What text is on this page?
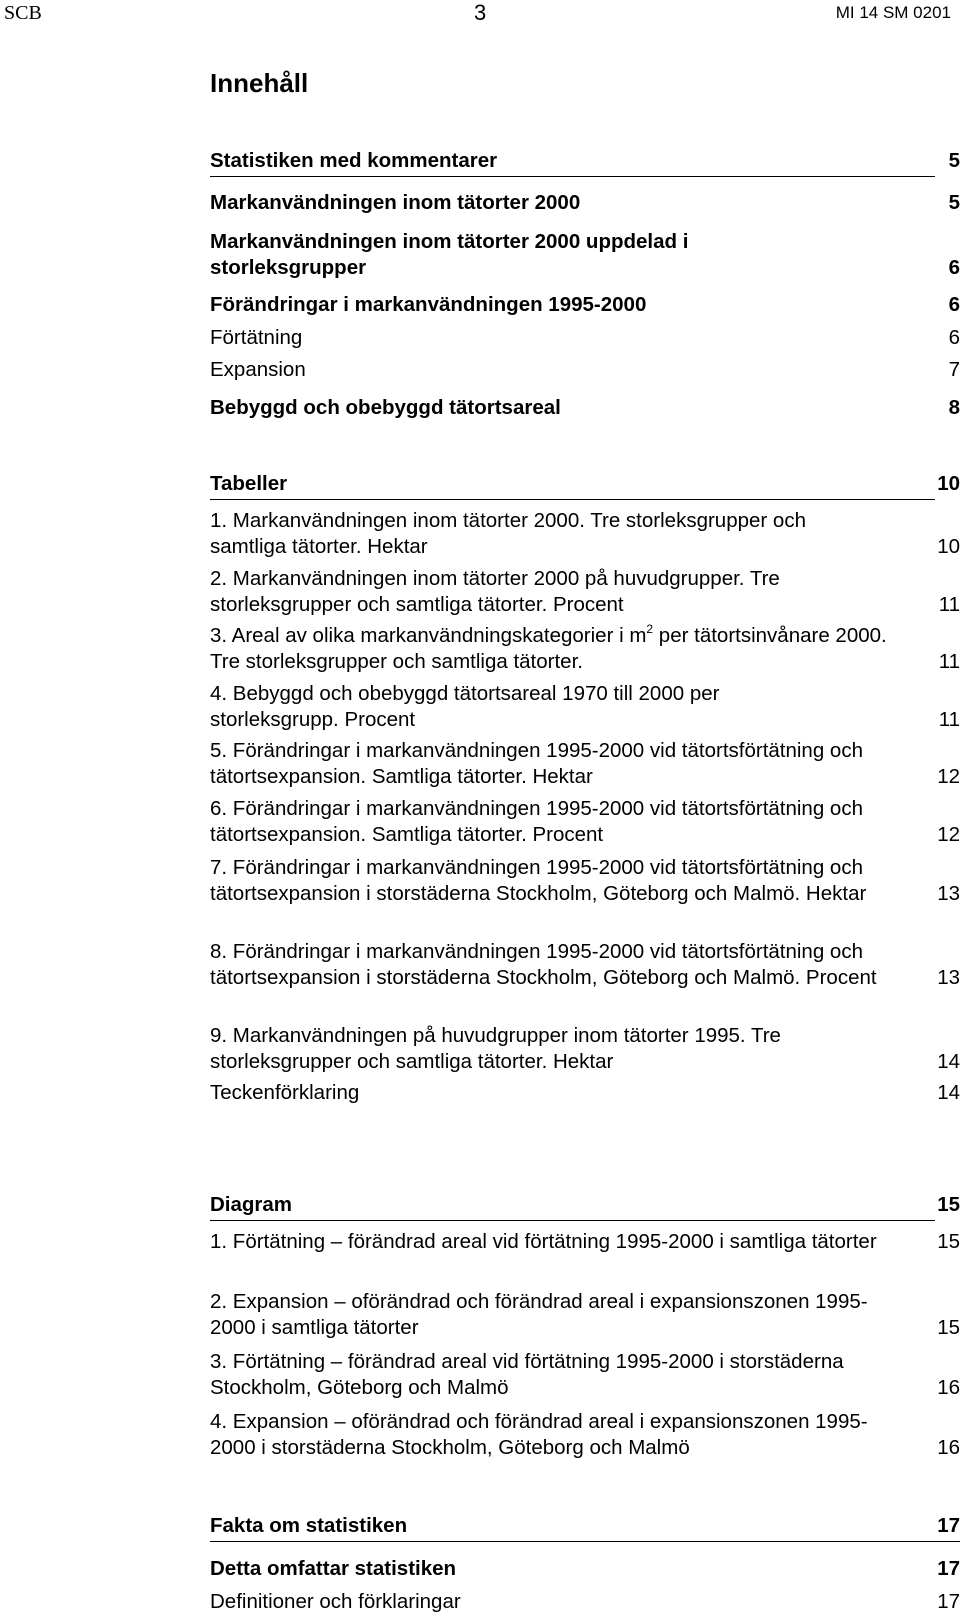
SCB	3	MI 14 SM 0201
Innehåll
Statistiken med kommentarer	5
Markanvändningen inom tätorter 2000	5
Markanvändningen inom tätorter 2000 uppdelad i storleksgrupper	6
Förändringar i markanvändningen 1995-2000	6
Förtätning	6
Expansion	7
Bebyggd och obebyggd tätortsareal	8
Tabeller	10
1. Markanvändningen inom tätorter 2000. Tre storleksgrupper och samtliga tätorter. Hektar	10
2. Markanvändningen inom tätorter 2000 på huvudgrupper. Tre storleksgrupper och samtliga tätorter. Procent	11
3. Areal av olika markanvändningskategorier i $m^2$ per tätortsinvånare 2000. Tre storleksgrupper och samtliga tätorter.	11
4. Bebyggd och obebyggd tätortsareal 1970 till 2000 per storleksgrupp. Procent	11
5. Förändringar i markanvändningen 1995-2000 vid tätortsförtätning och tätortsexpansion. Samtliga tätorter. Hektar	12
6. Förändringar i markanvändningen 1995-2000 vid tätortsförtätning och tätortsexpansion. Samtliga tätorter. Procent	12
7. Förändringar i markanvändningen 1995-2000 vid tätortsförtätning och tätortsexpansion i storstäderna Stockholm, Göteborg och Malmö. Hektar	13
8. Förändringar i markanvändningen 1995-2000 vid tätortsförtätning och tätortsexpansion i storstäderna Stockholm, Göteborg och Malmö. Procent	13
9. Markanvändningen på huvudgrupper inom tätorter 1995. Tre storleksgrupper och samtliga tätorter. Hektar	14
Teckenförklaring	14
Diagram	15
1. Förtätning – förändrad areal vid förtätning 1995-2000 i samtliga tätorter	15
2. Expansion – oförändrad och förändrad areal i expansionszonen 1995-2000 i samtliga tätorter	15
3. Förtätning – förändrad areal vid förtätning 1995-2000 i storstäderna Stockholm, Göteborg och Malmö	16
4. Expansion – oförändrad och förändrad areal i expansionszonen 1995-2000 i storstäderna Stockholm, Göteborg och Malmö	16
Fakta om statistiken	17
Detta omfattar statistiken	17
Definitioner och förklaringar	17
